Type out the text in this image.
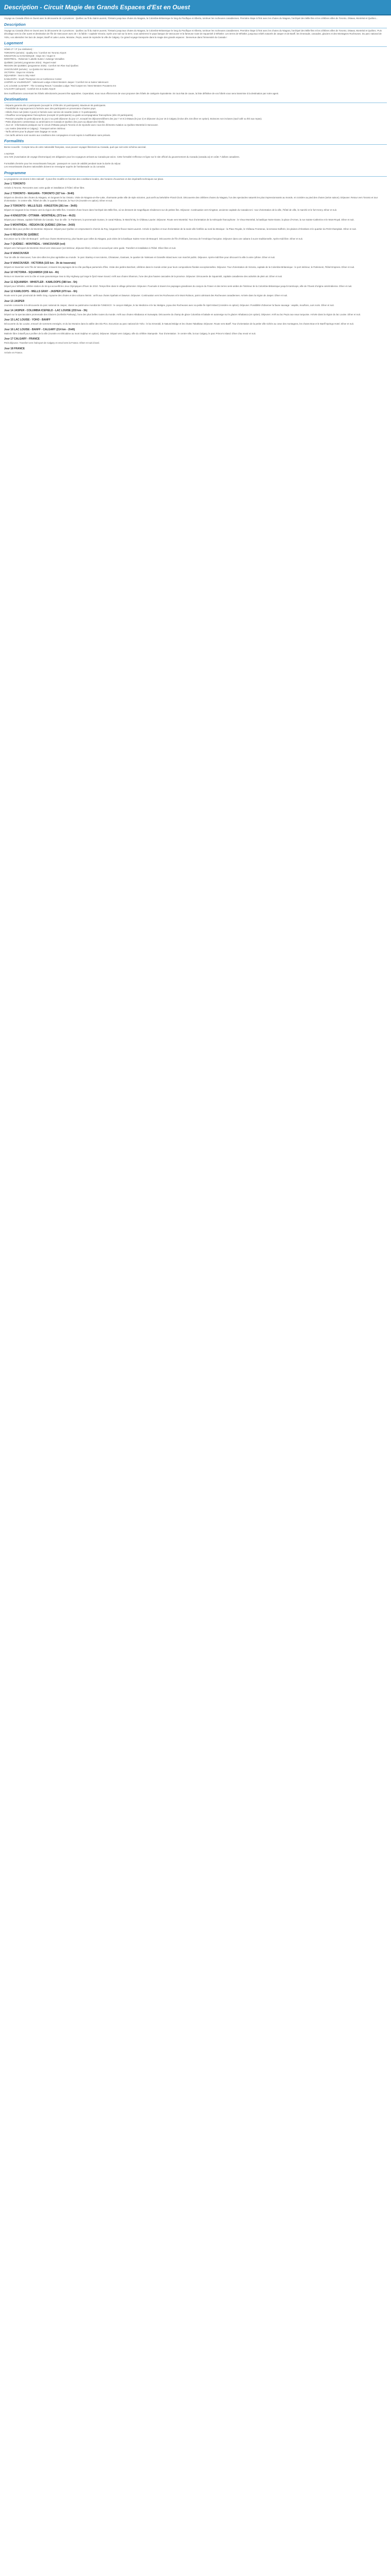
Description - Circuit Magie des Grands Espaces d'Est en Ouest

Voyage au Canada d'Est en Ouest avec la découverte de 4 provinces : Québec au fil du Saint-Laurent, l'Ontario jusqu'aux chutes du Niagara, la Colombie-Britannique le long du Pacifique et Alberta, tonitruer les rocheuses canadiennes. Première étape à l'Est avec les chutes du Niagara, l'archipel des Mille-Îles et les célèbres villes de Toronto, Ottawa, Montréal et Québec...

Description

Voyage au Canada d'Est en Ouest avec la découverte de 4 provinces : Québec au fil du Saint-Laurent, l'Ontario jusqu'aux chutes du Niagara, la Colombie-Britannique le long du Pacifique et Alberta, tonitruer les rocheuses canadiennes. Première étape à l'Est avec les chutes du Niagara, l'archipel des Mille-Îles et les célèbres villes de Toronto, Ottawa, Montréal et Québec. Puis décollage vers la côte ouest et destination de l'île de Vancouver avec de « la faible » capitale Victoria. Après une nuit sur la terre, vous admirerez le pays basque de Vancouver et la fameuse route de Squamish à Whistler. Les terres de Whistler, jusqu'aux reliefs naturels de Jasper et de Banff, les émeraude, cascades, glaciers et des Montagnes Rocheuses. Du parc national de Yoho, vos atteindrez les lacs de Jasper, Banff et Lake Louise, Moraine, Peyto, avant de rejoindre la ville de Calgary. Ce grand voyage transporte dans la magie des grands espaces : bienvenue dans l'immensité du Canada !

Logement

Hôtels 2* / 3* (ou similaires) :
TORONTO (arrivée) : Quality Inn / Comfort Inn Toronto Airport
KINGSTON ou GANANOQUE : Days Inn / Super 8
MONTRÉAL : Roberval / Labelle Suites / Auberge Versailles
QUÉBEC (arrivée) programme 2024) : Rupert Hotel
REGION DE QUEBEC (programme 2025) : Comfort Inn Rive Sud Québec
VANCOUVER (arrivée) : La Quinta Inn Vancouver
VICTORIA : Days Inn Victoria
SQUAMISH : Sea to Sky Hotel
KAMLOOPS : South Thompson Inn & Conference Center
JASPER ou VALEMOUNT : Valemount Lodge et Best Western Jasper / Comfort Inn & Suites Valemount
LAC LOUISE ou BANFF : The Crossing Resort / Canadas Lodge / Red Carpet Inn / Best Western Pocaterra Inn
CALGARY (aéroport) : Comfort Inn & Suites Airport

Des modifications concernant les hôtels sélectionnés peuvent être apportées. Cependant, nous nous efforcerons de vous proposer des hôtels de catégorie équivalente. En tout état de cause, la liste définitive de vos hôtels vous sera transmise à la destination par notre agent.

Destinations

- Départs garantis dès 2 participants (accepté le 27/08 dès 10 participants). Maximum 55 participants.
- Possibilité de regroupement à l'arrivée avec des participants en provenance d'autres pays.
- Hôtels d'une nuit (visite 3 jours) à l'arrivée avec service de navette (visite 2 / 5 participants).
- Chauffeur accompagnateur francophone (excepté 22 participants) ou guide accompagnateur francophone (dès 23 participants).
- Pension complète du petit déjeuner du jour 2 au petit déjeuner du jour 17, excepté les déjeuners/dîners des jour 7 et 8 à Ottawa (le jour 2) et déjeuner du jour 16 à Calgary (inclus dès J16 dîner en option). Boissons non incluses (sauf café ou thé aux repas).
- Petits déjeuners continentaux ou américains en Canada et Québec (les jours au départ des hôtels).
- Jour 10 : Informations pratiques sur le circuit d'Ottawa jusqu'à Toronto et de rejoindre avec nous les éléments Aviation ou Québec-Montréal à Vancouver.
- Lac mettre (Montréal et Calgary) : Transport aérien intérieur.
- Tarifs aériens pour la plupart sans bagage en soute.
- Ces tarifs aériens sont soumis aux conditions des compagnies et sont sujets à modification sans préavis.

Formalités

Bonne nouvelle : Compte tenu de votre nationalité française, vous pouvez voyager librement au Canada, quel que soit votre schéma vaccinal.

A NOTER
Une AVE (Autorisation de voyage électronique) est obligatoire pour les voyageurs arrivant au Canada par avion. Cette formalité s'effectue en ligne sur le site officiel du gouvernement du Canada (canada.ca) et coûte 7 dollars canadiens.

Formalités d'entrée pour les ressortissants français : passeport en cours de validité pendant toute la durée du séjour.
Les ressortissants d'autres nationalités doivent se renseigner auprès de l'ambassade ou du consulat.

Programme

Le programme est donné à titre indicatif : il peut être modifié en fonction des conditions locales, des horaires d'ouverture et des impératifs techniques sur place.

Jour 1 TORONTO

Arrivée à Toronto. Rencontre avec votre guide et installation à l'hôtel. Dîner libre.

Jour 2 TORONTO - NIAGARA - TORONTO (327 km - 3h40)

Départ en direction des chutes du Niagara, en longeant le lac Ontario. Visite de Niagara-on-the-Lake, charmante petite ville de style victorien, puis arrêt au belvédère Floral Clock. Découverte des célèbres chutes du Niagara, l'un des spectacles naturels les plus impressionnants au monde, et croisière au pied des chutes (selon saison). Déjeuner. Retour vers Toronto et tour d'orientation : le centre-ville, l'hôtel de ville, le quartier financier, la Tour CN (montée en option). Dîner et nuit.

Jour 3 TORONTO - MILLE-ÎLES - KINGSTON (281 km - 3h05)

Départ en longeant le lac Ontario vers la région des Mille-Îles. Croisière d'une heure dans l'archipel des Mille-Îles, où se dressent de magnifiques résidences sur de petites îles. Déjeuner. Continuation vers Kingston, ancienne capitale du Canada-Uni : tour d'orientation de la ville, l'hôtel de ville, le marché et le fort Henry. Dîner et nuit.

Jour 4 KINGSTON - OTTAWA - MONTRÉAL (373 km - 4h15)

Départ pour Ottawa, capitale fédérale du Canada. Tour de ville : le Parlement, la promenade Sussex, le canal Rideau, le Marché By, le Château Laurier. Déjeuner. Route vers Montréal. Tour d'orientation de la métropole francophone : le Vieux-Montréal, la basilique Notre-Dame, la place d'Armes, la rue Sainte-Catherine et le Mont-Royal. Dîner et nuit.

Jour 5 MONTRÉAL - RÉGION DE QUÉBEC (254 km - 2h50)

Matinée libre pour profiter de Montréal. Déjeuner. Départ pour Québec en empruntant le chemin du Roy, longeant le fleuve Saint-Laurent. Arrivée à Québec et tour d'orientation de la seule ville fortifiée au nord du Mexique : la Place Royale, le Château Frontenac, la terrasse Dufferin, les plaines d'Abraham et le quartier du Petit-Champlain. Dîner et nuit.

Jour 6 RÉGION DE QUÉBEC

Excursion sur la Côte-de-Beaupré : arrêt aux chutes Montmorency, plus hautes que celles du Niagara, puis visite de la basilique Sainte-Anne-de-Beaupré. Découverte de l'île d'Orléans, berceau de l'Amérique française. Déjeuner dans une cabane à sucre traditionnelle. Après-midi libre. Dîner et nuit.

Jour 7 QUÉBEC - MONTRÉAL - VANCOUVER (vol)

Départ vers l'aéroport de Montréal. Envol vers Vancouver (vol intérieur, déjeuner libre). Arrivée et accueil par votre guide. Transfert et installation à l'hôtel. Dîner libre et nuit.

Jour 8 VANCOUVER

Tour de ville de Vancouver, l'une des villes les plus agréables au monde : le parc Stanley et ses totems, Chinatown, Gastown, le quartier de Yaletown et Granville Island avec son marché public. Déjeuner. Après-midi libre pour découvrir la ville à votre rythme. Dîner et nuit.

Jour 9 VANCOUVER - VICTORIA (103 km - 3h de traversée)

Départ en traversier vers l'île de Vancouver, à travers les paysages de la côte pacifique parsemée d'îles. Visite des jardins Butchart, célèbres dans le monde entier pour leurs compositions florales exceptionnelles. Déjeuner. Tour d'orientation de Victoria, capitale de la Colombie-Britannique : le port intérieur, le Parlement, l'hôtel Empress. Dîner et nuit.

Jour 10 VICTORIA - SQUAMISH (156 km - 4h)

Retour en traversier vers la côte et route panoramique Sea to Sky Highway qui longe le fjord Howe Sound. Arrêt aux chutes Shannon, l'une des plus hautes cascades de la province. Déjeuner. Découverte de Squamish, capitale canadienne des activités de plein air. Dîner et nuit.

Jour 11 SQUAMISH - WHISTLER - KAMLOOPS (380 km - 5h)

Départ pour Whistler, célèbre station de ski qui accueillit les Jeux Olympiques d'hiver de 2010. Temps libre dans le village piétonnier. Déjeuner. Poursuite à travers les paysages grandioses du canyon du Fraser et des terres semi-arides de l'intérieur de la Colombie-Britannique jusqu'à Kamloops, ville de l'Ouest d'origine amérindienne. Dîner et nuit.

Jour 12 KAMLOOPS - WELLS GRAY - JASPER (470 km - 6h)

Route vers le parc provincial de Wells Gray, royaume des chutes et des volcans éteints : arrêt aux chutes Spahats et Dawson. Déjeuner. Continuation vers les Rocheuses et le Mont Robson, point culminant des Rocheuses canadiennes. Arrivée dans la région de Jasper. Dîner et nuit.

Jour 13 JASPER

Journée consacrée à la découverte du parc national de Jasper, classé au patrimoine mondial de l'UNESCO : le canyon Maligne, le lac Medicine et le lac Maligne, joyau des Rocheuses avec sa petite île Spirit Island (croisière en option). Déjeuner. Possibilité d'observer la faune sauvage : wapitis, mouflons, ours noirs. Dîner et nuit.

Jour 14 JASPER - COLUMBIA ICEFIELD - LAC LOUISE (233 km - 3h)

Départ sur la spectaculaire promenade des Glaciers (Icefields Parkway), l'une des plus belles routes du monde. Arrêt aux chutes Athabasca et Sunwapta. Découverte du champ de glace Columbia et balade en autoneige sur le glacier Athabasca (en option). Déjeuner. Arrêt au lac Peyto aux eaux turquoise. Arrivée dans la région du lac Louise. Dîner et nuit.

Jour 15 LAC LOUISE - YOHO - BANFF

Découverte du lac Louise, entouré de sommets enneigés, et du lac Moraine dans la vallée des Dix Pics. Excursion au parc national de Yoho : le lac Emerald, le Natural Bridge et les chutes Takakkaw. Déjeuner. Route vers Banff. Tour d'orientation de la petite ville nichée au cœur des montagnes, les chutes Bow et le Banff Springs Hotel. Dîner et nuit.

Jour 16 LAC LOUISE - BANFF - CALGARY (214 km - 2h40)

Matinée libre à Banff pour profiter de la ville (montée en télécabine au mont Sulphur en option). Déjeuner. Départ vers Calgary, ville du célèbre Stampede. Tour d'orientation : le centre-ville, la tour Calgary, le parc Prince's Island. Dîner d'au revoir et nuit.

Jour 17 CALGARY - FRANCE

Petit-déjeuner. Transfert vers l'aéroport de Calgary et envol vers la France. Dîner et nuit à bord.

Jour 18 FRANCE

Arrivée en France.
